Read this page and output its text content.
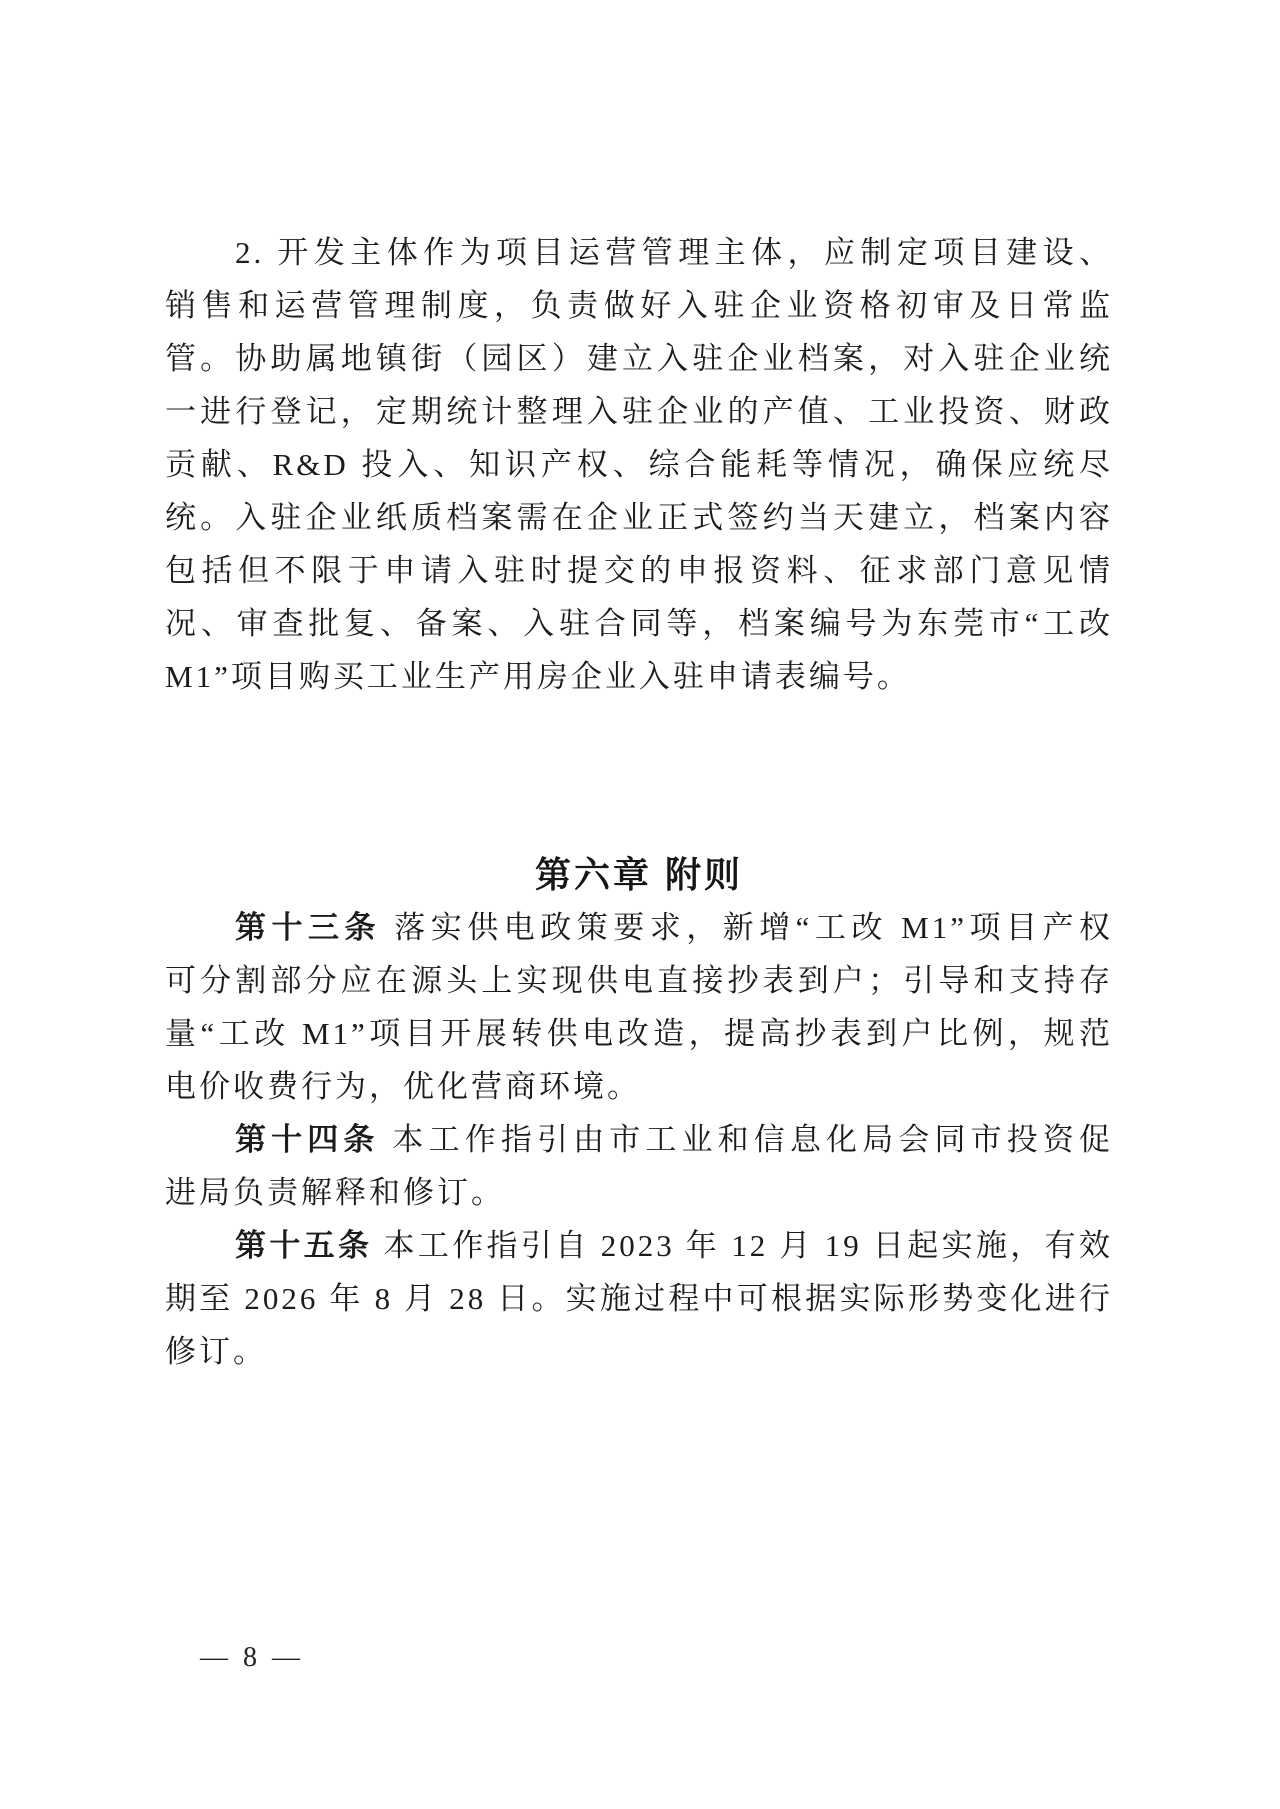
2. 开发主体作为项目运营管理主体，应制定项目建设、
销售和运营管理制度，负责做好入驻企业资格初审及日常监
管。协助属地镇街（园区）建立入驻企业档案，对入驻企业统
一进行登记，定期统计整理入驻企业的产值、工业投资、财政
贡献、R&D 投入、知识产权、综合能耗等情况，确保应统尽
统。入驻企业纸质档案需在企业正式签约当天建立，档案内容
包括但不限于申请入驻时提交的申报资料、征求部门意见情
况、审查批复、备案、入驻合同等，档案编号为东莞市“工改
M1”项目购买工业生产用房企业入驻申请表编号。
第六章 附则
第十三条 落实供电政策要求，新增“工改 M1”项目产权
可分割部分应在源头上实现供电直接抄表到户；引导和支持存
量“工改 M1”项目开展转供电改造，提高抄表到户比例，规范
电价收费行为，优化营商环境。
第十四条 本工作指引由市工业和信息化局会同市投资促
进局负责解释和修订。
第十五条 本工作指引自 2023 年 12 月 19 日起实施，有效
期至 2026 年 8 月 28 日。实施过程中可根据实际形势变化进行
修订。
— 8 —
